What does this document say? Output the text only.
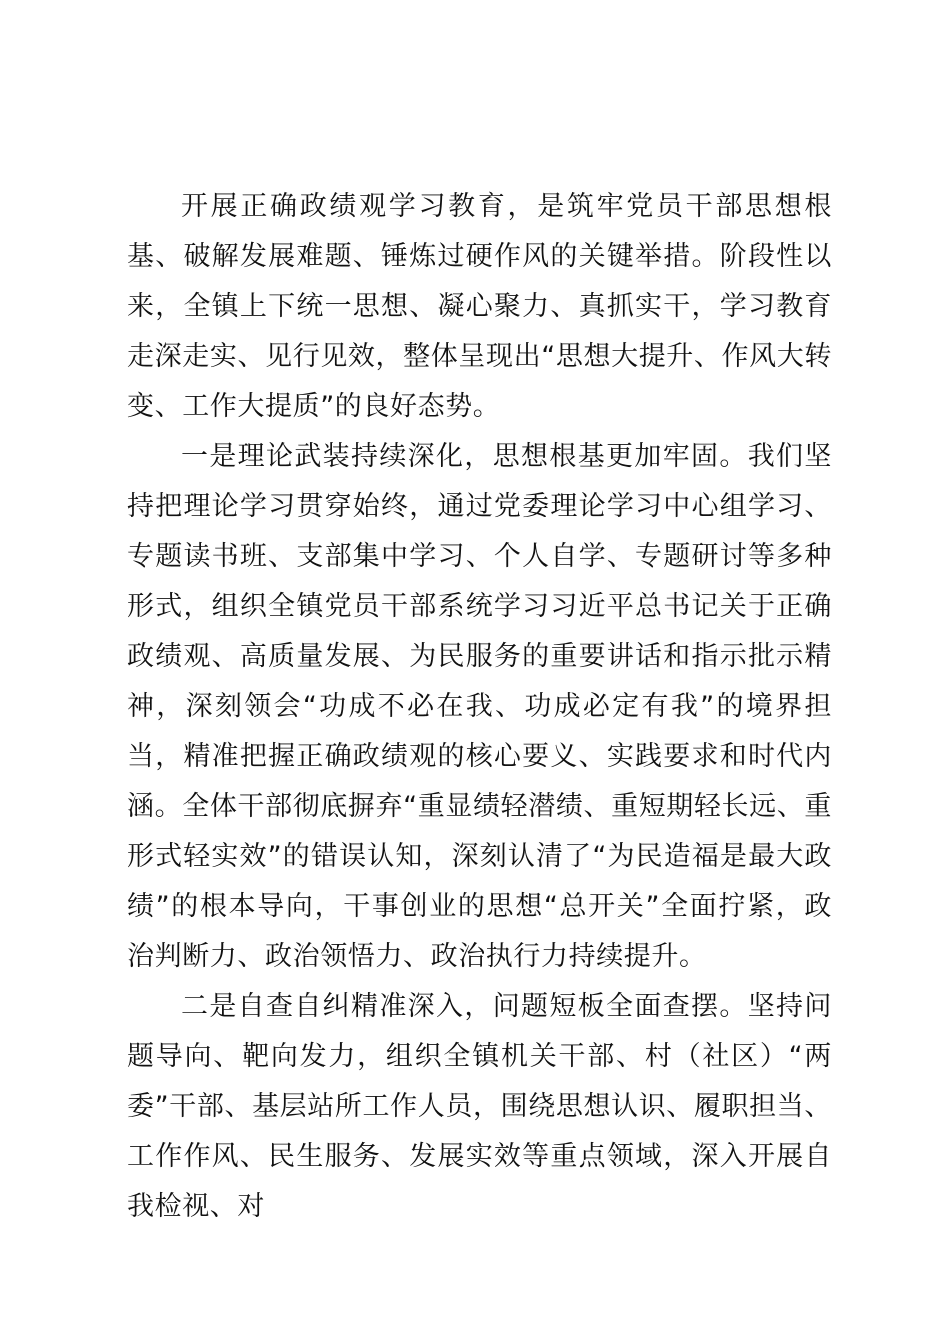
开展正确政绩观学习教育，是筑牢党员干部思想根基、破解发展难题、锤炼过硬作风的关键举措。阶段性以来，全镇上下统一思想、凝心聚力、真抓实干，学习教育走深走实、见行见效，整体呈现出“思想大提升、作风大转变、工作大提质”的良好态势。

一是理论武装持续深化，思想根基更加牢固。我们坚持把理论学习贯穿始终，通过党委理论学习中心组学习、专题读书班、支部集中学习、个人自学、专题研讨等多种形式，组织全镇党员干部系统学习习近平总书记关于正确政绩观、高质量发展、为民服务的重要讲话和指示批示精神，深刻领会“功成不必在我、功成必定有我”的境界担当，精准把握正确政绩观的核心要义、实践要求和时代内涵。全体干部彻底摒弃“重显绩轻潜绩、重短期轻长远、重形式轻实效”的错误认知，深刻认清了“为民造福是最大政绩”的根本导向，干事创业的思想“总开关”全面拧紧，政治判断力、政治领悟力、政治执行力持续提升。

二是自查自纠精准深入，问题短板全面查摆。坚持问题导向、靶向发力，组织全镇机关干部、村（社区）“两委”干部、基层站所工作人员，围绕思想认识、履职担当、工作作风、民生服务、发展实效等重点领域，深入开展自我检视、对
